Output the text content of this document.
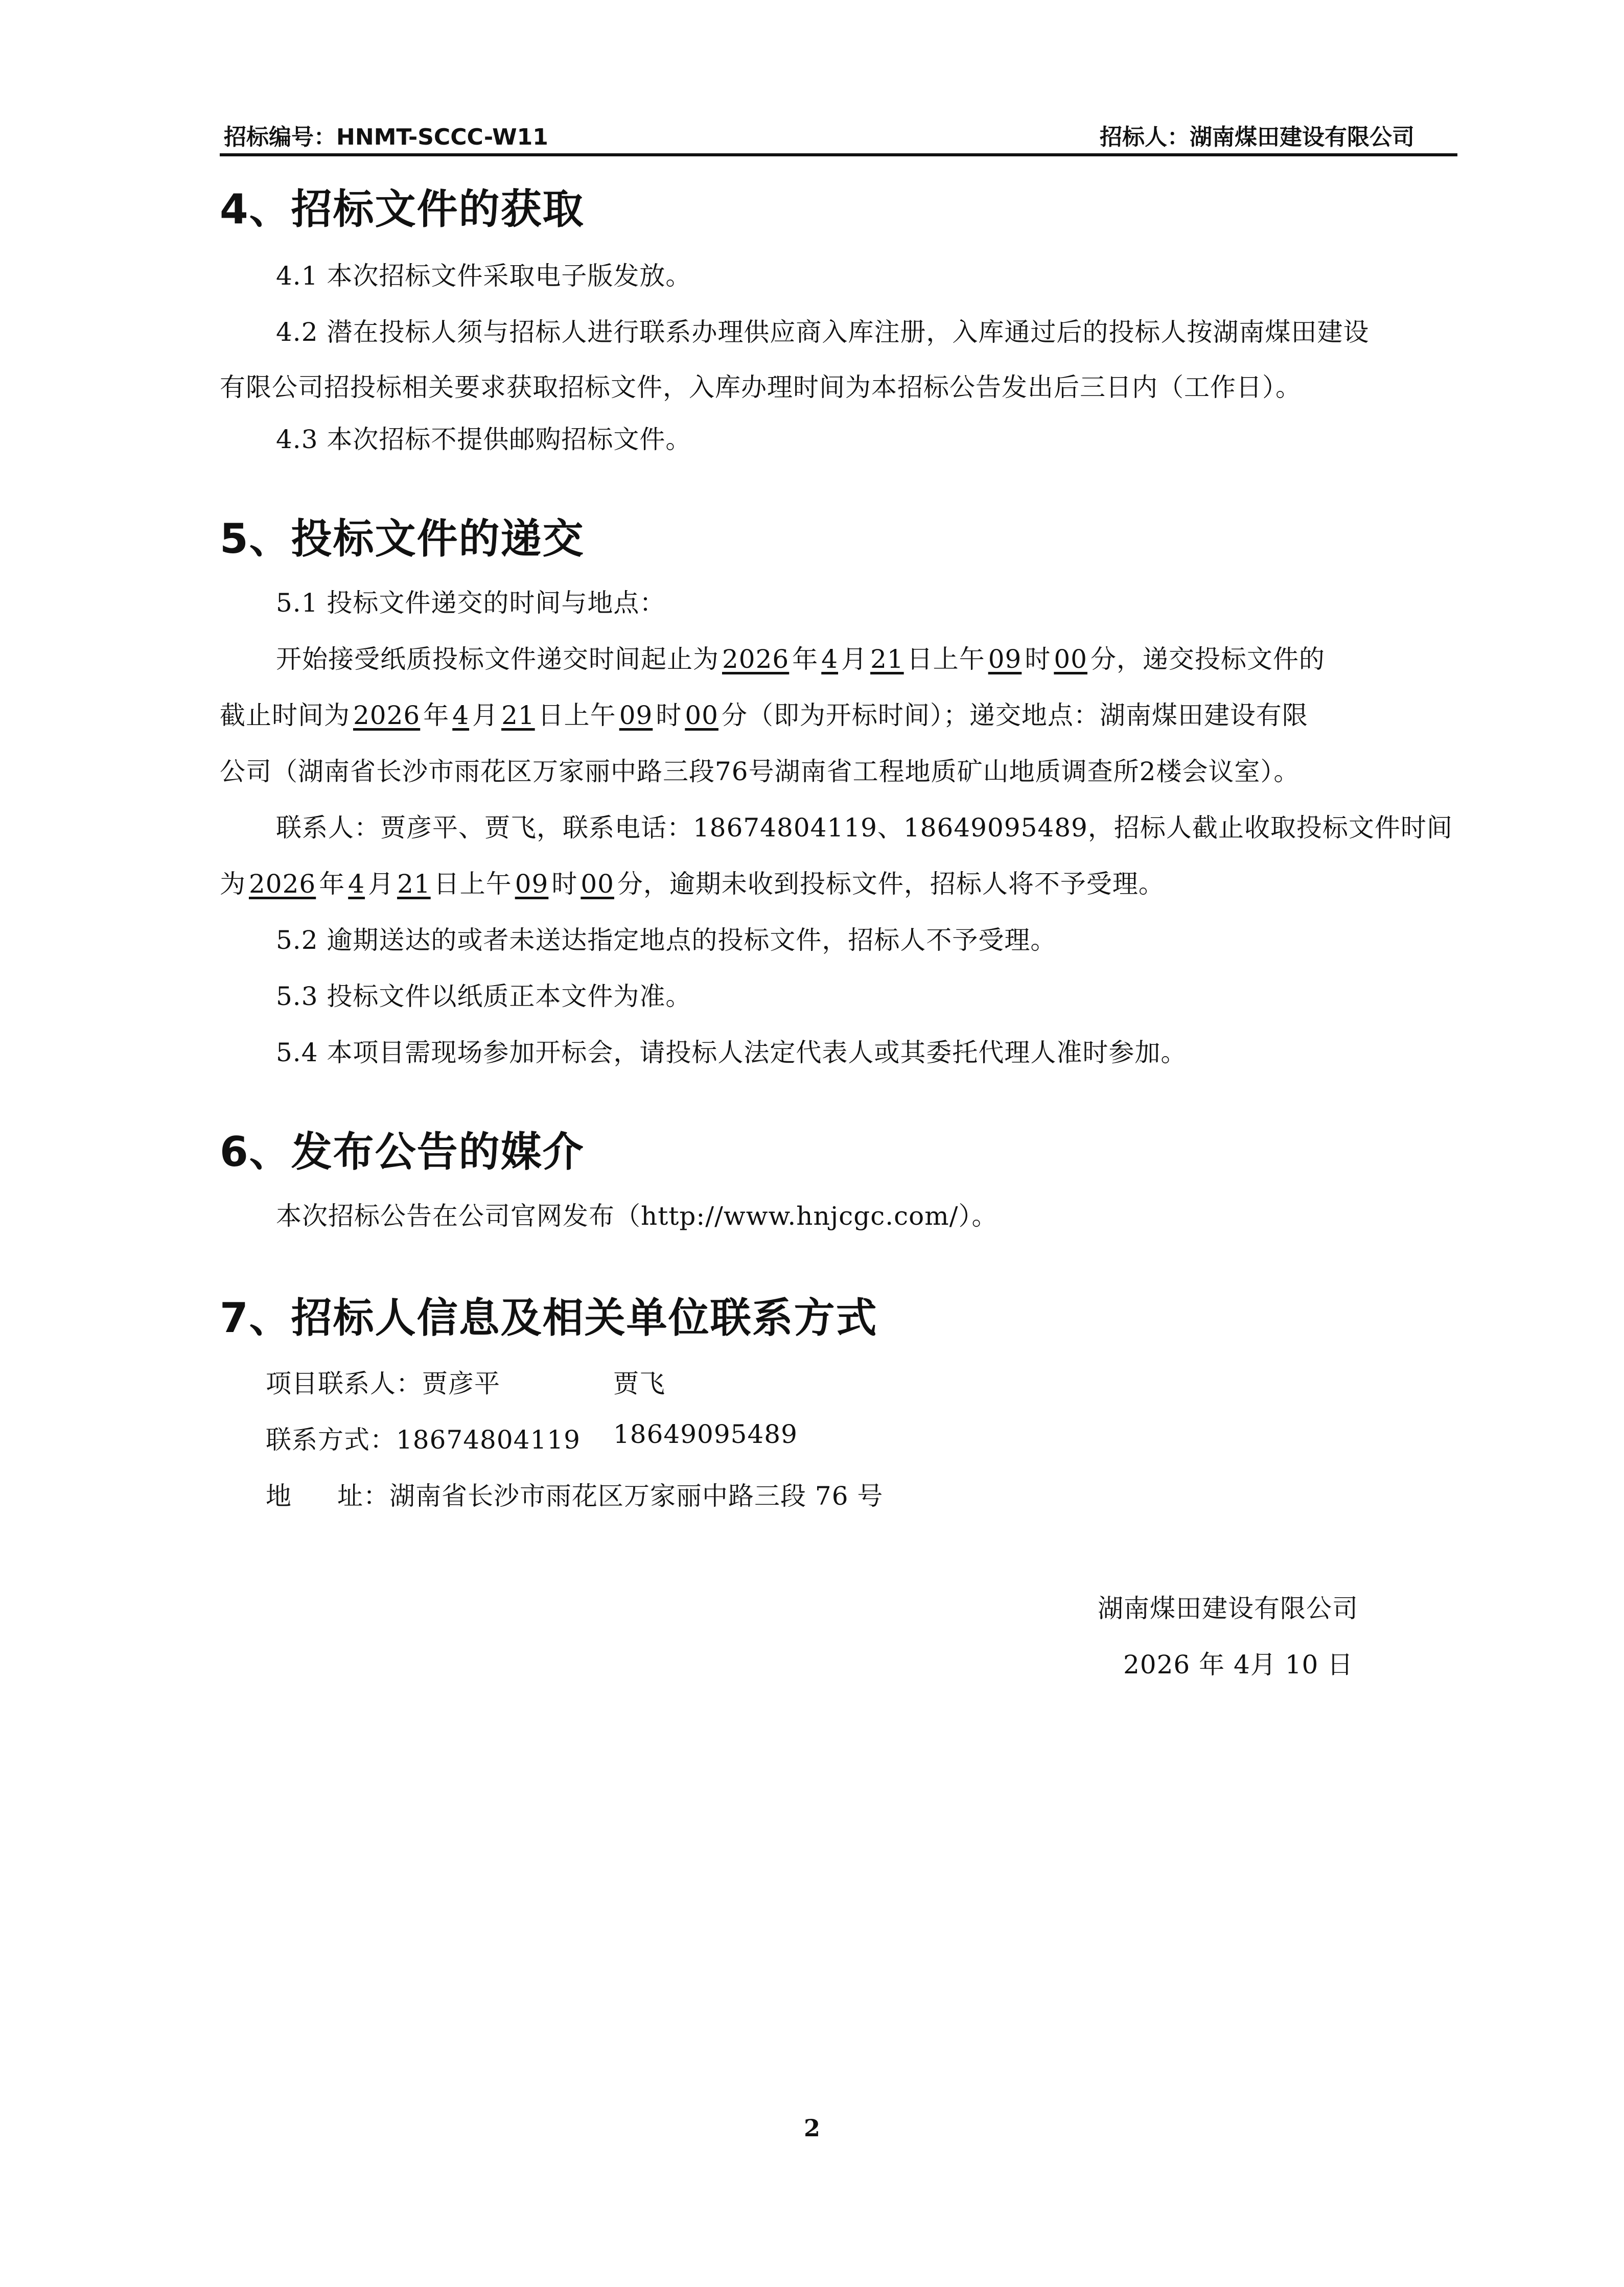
招标编号：HNMT-SCCC-W11	招标人：湖南煤田建设有限公司
4、招标文件的获取
4.1 本次招标文件采取电子版发放。
4.2 潜在投标人须与招标人进行联系办理供应商入库注册，入库通过后的投标人按湖南煤田建设
有限公司招投标相关要求获取招标文件，入库办理时间为本招标公告发出后三日内（工作日）。
4.3 本次招标不提供邮购招标文件。
5、投标文件的递交
5.1 投标文件递交的时间与地点：
开始接受纸质投标文件递交时间起止为 2026 年 4 月 21 日上午 09 时 00 分，递交投标文件的
截止时间为 2026 年 4 月 21 日上午 09 时 00 分（即为开标时间）；递交地点：湖南煤田建设有限
公司（湖南省长沙市雨花区万家丽中路三段76号湖南省工程地质矿山地质调查所2楼会议室）。
联系人：贾彦平、贾飞，联系电话：18674804119、18649095489，招标人截止收取投标文件时间
为 2026 年 4 月 21 日上午 09 时 00 分，逾期未收到投标文件，招标人将不予受理。
5.2 逾期送达的或者未送达指定地点的投标文件，招标人不予受理。
5.3 投标文件以纸质正本文件为准。
5.4 本项目需现场参加开标会，请投标人法定代表人或其委托代理人准时参加。
6、发布公告的媒介
本次招标公告在公司官网发布（http://www.hnjcgc.com/）。
7、招标人信息及相关单位联系方式
项目联系人：贾彦平	贾飞
联系方式：18674804119 18649095489
地 址：湖南省长沙市雨花区万家丽中路三段 76 号
湖南煤田建设有限公司
2026 年 4月 10 日
2
